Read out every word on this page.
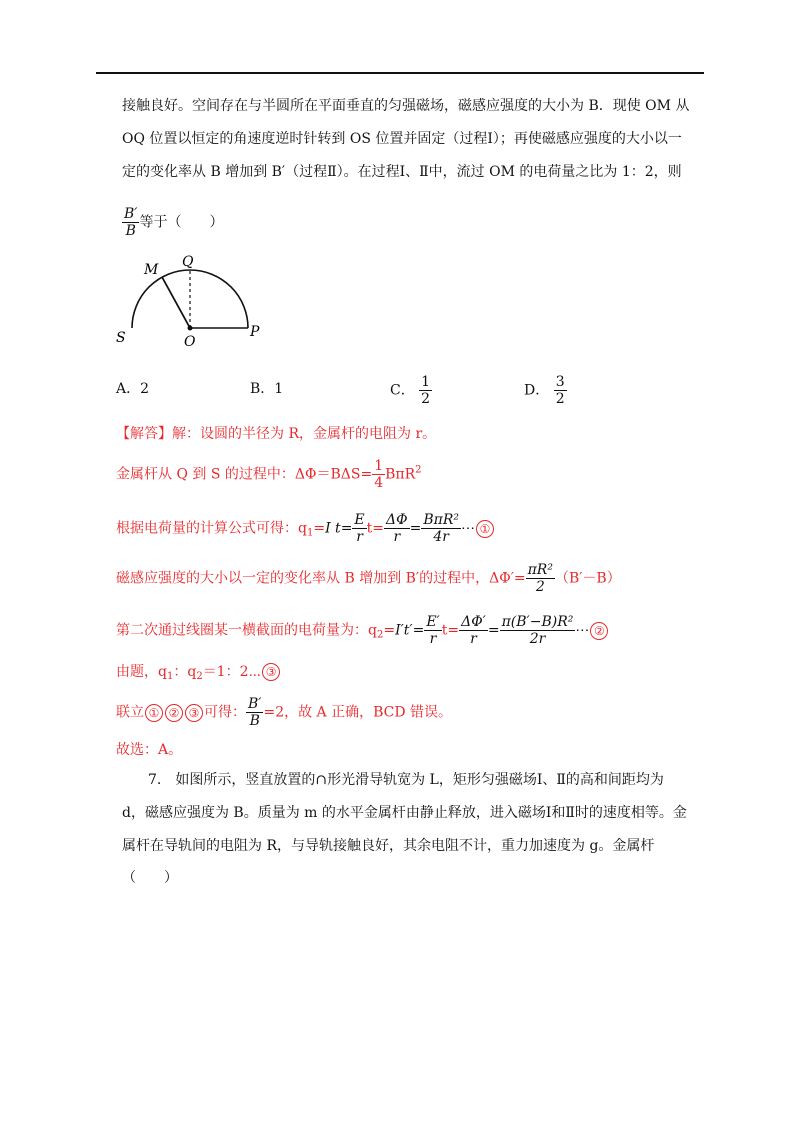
接触良好。空间存在与半圆所在平面垂直的匀强磁场，磁感应强度的大小为 B．现使 OM 从
OQ 位置以恒定的角速度逆时针转到 OS 位置并固定（过程Ⅰ）；再使磁感应强度的大小以一
定的变化率从 B 增加到 B′（过程Ⅱ）。在过程Ⅰ、Ⅱ中，流过 OM 的电荷量之比为 1：2，则
$\frac{B'}{B}$ 等于（　　）
M Q
S	O
P
A．2	B．1	C． $\frac{1}{2}$	D． $\frac{3}{2}$
【解答】解：设圆的半径为 R，金属杆的电阻为 r。
金属杆从 Q 到 S 的过程中：$\Delta\Phi=B\Delta S= \frac{1}{4} B\pi R^2$
根据电荷量的计算公式可得：$q_1=I$ $t= \frac{E}{r} t= \frac{\Delta\Phi}{r} = \frac{\text{BπR²}}{4r}$ ⋯ ①
磁感应强度的大小以一定的变化率从 B 增加到 B′的过程中，$\Delta\Phi'= \frac{\text{πR²}}{2} (B'-B)$
第二次通过线圈某一横截面的电荷量为：$q_2=I't'= \frac{E'}{r} t= \frac{\Delta\Phi'}{r} = \frac{\text{π(B′−B)R²}}{2r}$ ⋯ ②
由题，$q_1$：$q_2=1$：2⋯ ③
联立 ① ② ③ 可得： $\frac{B'}{B} =2$，故 A 正确，BCD 错误。
故选：A。
7.　如图所示，竖直放置的∩形光滑导轨宽为 L，矩形匀强磁场Ⅰ、Ⅱ的高和间距均为
d，磁感应强度为 B。质量为 m 的水平金属杆由静止释放，进入磁场Ⅰ和Ⅱ时的速度相等。金
属杆在导轨间的电阻为 R，与导轨接触良好，其余电阻不计，重力加速度为 g。金属杆
（　　）
